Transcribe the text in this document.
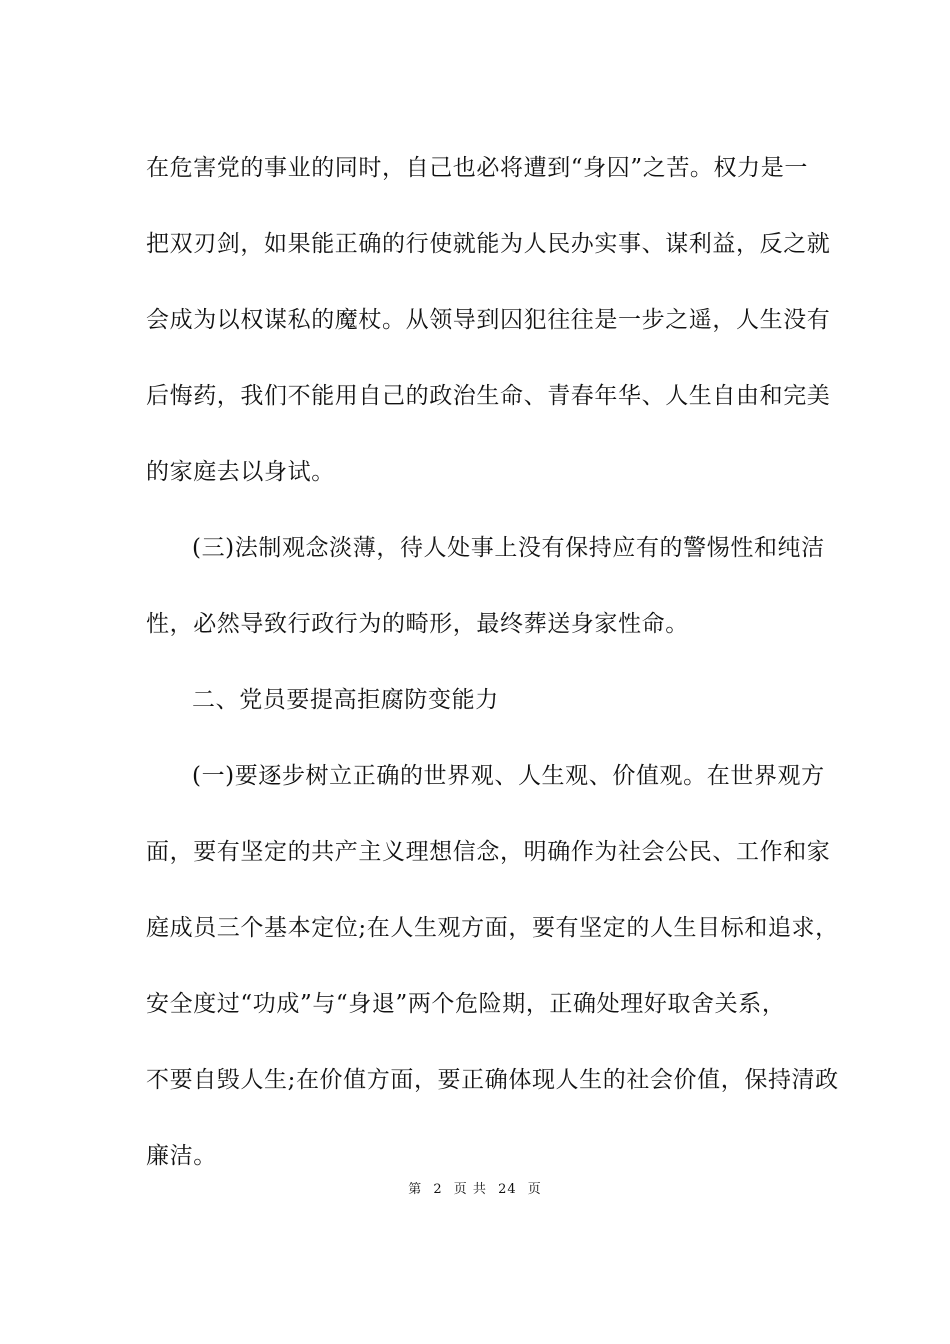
在危害党的事业的同时，自己也必将遭到“身囚”之苦。权力是一
把双刃剑，如果能正确的行使就能为人民办实事、谋利益，反之就
会成为以权谋私的魔杖。从领导到囚犯往往是一步之遥，人生没有
后悔药，我们不能用自己的政治生命、青春年华、人生自由和完美
的家庭去以身试。
(三)法制观念淡薄，待人处事上没有保持应有的警惕性和纯洁
性，必然导致行政行为的畸形，最终葬送身家性命。
二、党员要提高拒腐防变能力
(一)要逐步树立正确的世界观、人生观、价值观。在世界观方
面，要有坚定的共产主义理想信念，明确作为社会公民、工作和家
庭成员三个基本定位;在人生观方面，要有坚定的人生目标和追求，
安全度过“功成”与“身退”两个危险期，正确处理好取舍关系，
不要自毁人生;在价值方面，要正确体现人生的社会价值，保持清政
廉洁。
第 2 页 共 24 页
